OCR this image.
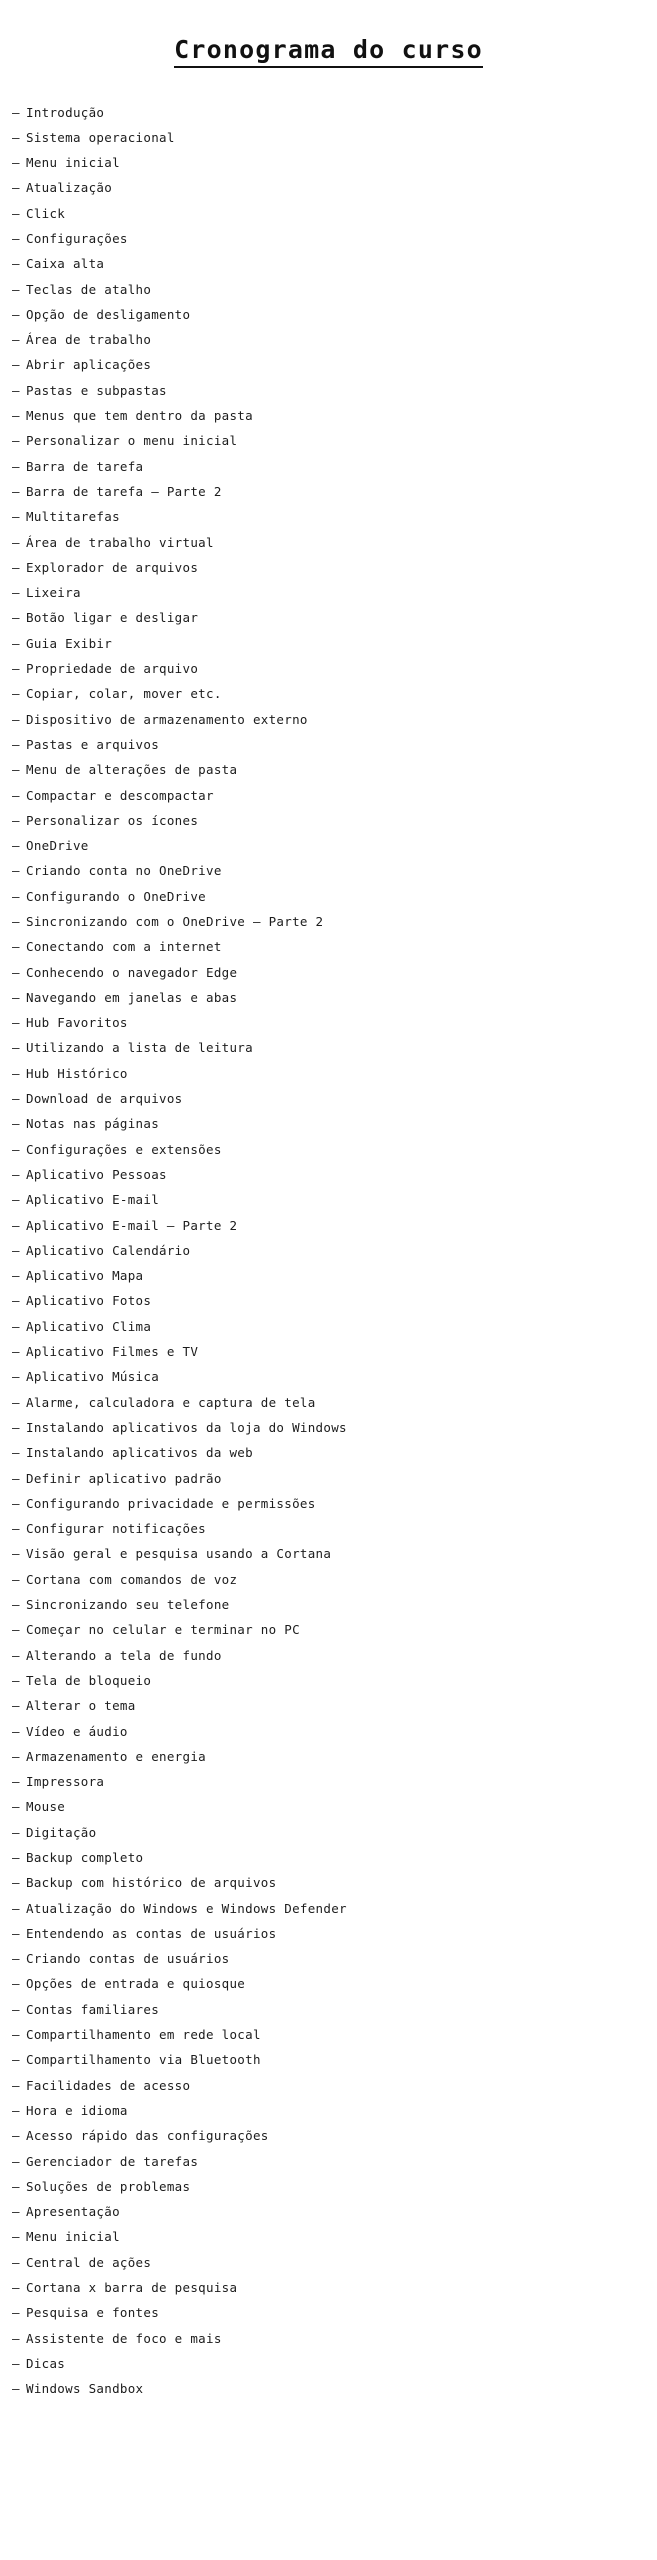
Cronograma do curso
– Introdução
– Sistema operacional
– Menu inicial
– Atualização
– Click
– Configurações
– Caixa alta
– Teclas de atalho
– Opção de desligamento
– Área de trabalho
– Abrir aplicações
– Pastas e subpastas
– Menus que tem dentro da pasta
– Personalizar o menu inicial
– Barra de tarefa
– Barra de tarefa – Parte 2
– Multitarefas
– Área de trabalho virtual
– Explorador de arquivos
– Lixeira
– Botão ligar e desligar
– Guia Exibir
– Propriedade de arquivo
– Copiar, colar, mover etc.
– Dispositivo de armazenamento externo
– Pastas e arquivos
– Menu de alterações de pasta
– Compactar e descompactar
– Personalizar os ícones
– OneDrive
– Criando conta no OneDrive
– Configurando o OneDrive
– Sincronizando com o OneDrive – Parte 2
– Conectando com a internet
– Conhecendo o navegador Edge
– Navegando em janelas e abas
– Hub Favoritos
– Utilizando a lista de leitura
– Hub Histórico
– Download de arquivos
– Notas nas páginas
– Configurações e extensões
– Aplicativo Pessoas
– Aplicativo E-mail
– Aplicativo E-mail – Parte 2
– Aplicativo Calendário
– Aplicativo Mapa
– Aplicativo Fotos
– Aplicativo Clima
– Aplicativo Filmes e TV
– Aplicativo Música
– Alarme, calculadora e captura de tela
– Instalando aplicativos da loja do Windows
– Instalando aplicativos da web
– Definir aplicativo padrão
– Configurando privacidade e permissões
– Configurar notificações
– Visão geral e pesquisa usando a Cortana
– Cortana com comandos de voz
– Sincronizando seu telefone
– Começar no celular e terminar no PC
– Alterando a tela de fundo
– Tela de bloqueio
– Alterar o tema
– Vídeo e áudio
– Armazenamento e energia
– Impressora
– Mouse
– Digitação
– Backup completo
– Backup com histórico de arquivos
– Atualização do Windows e Windows Defender
– Entendendo as contas de usuários
– Criando contas de usuários
– Opções de entrada e quiosque
– Contas familiares
– Compartilhamento em rede local
– Compartilhamento via Bluetooth
– Facilidades de acesso
– Hora e idioma
– Acesso rápido das configurações
– Gerenciador de tarefas
– Soluções de problemas
– Apresentação
– Menu inicial
– Central de ações
– Cortana x barra de pesquisa
– Pesquisa e fontes
– Assistente de foco e mais
– Dicas
– Windows Sandbox
